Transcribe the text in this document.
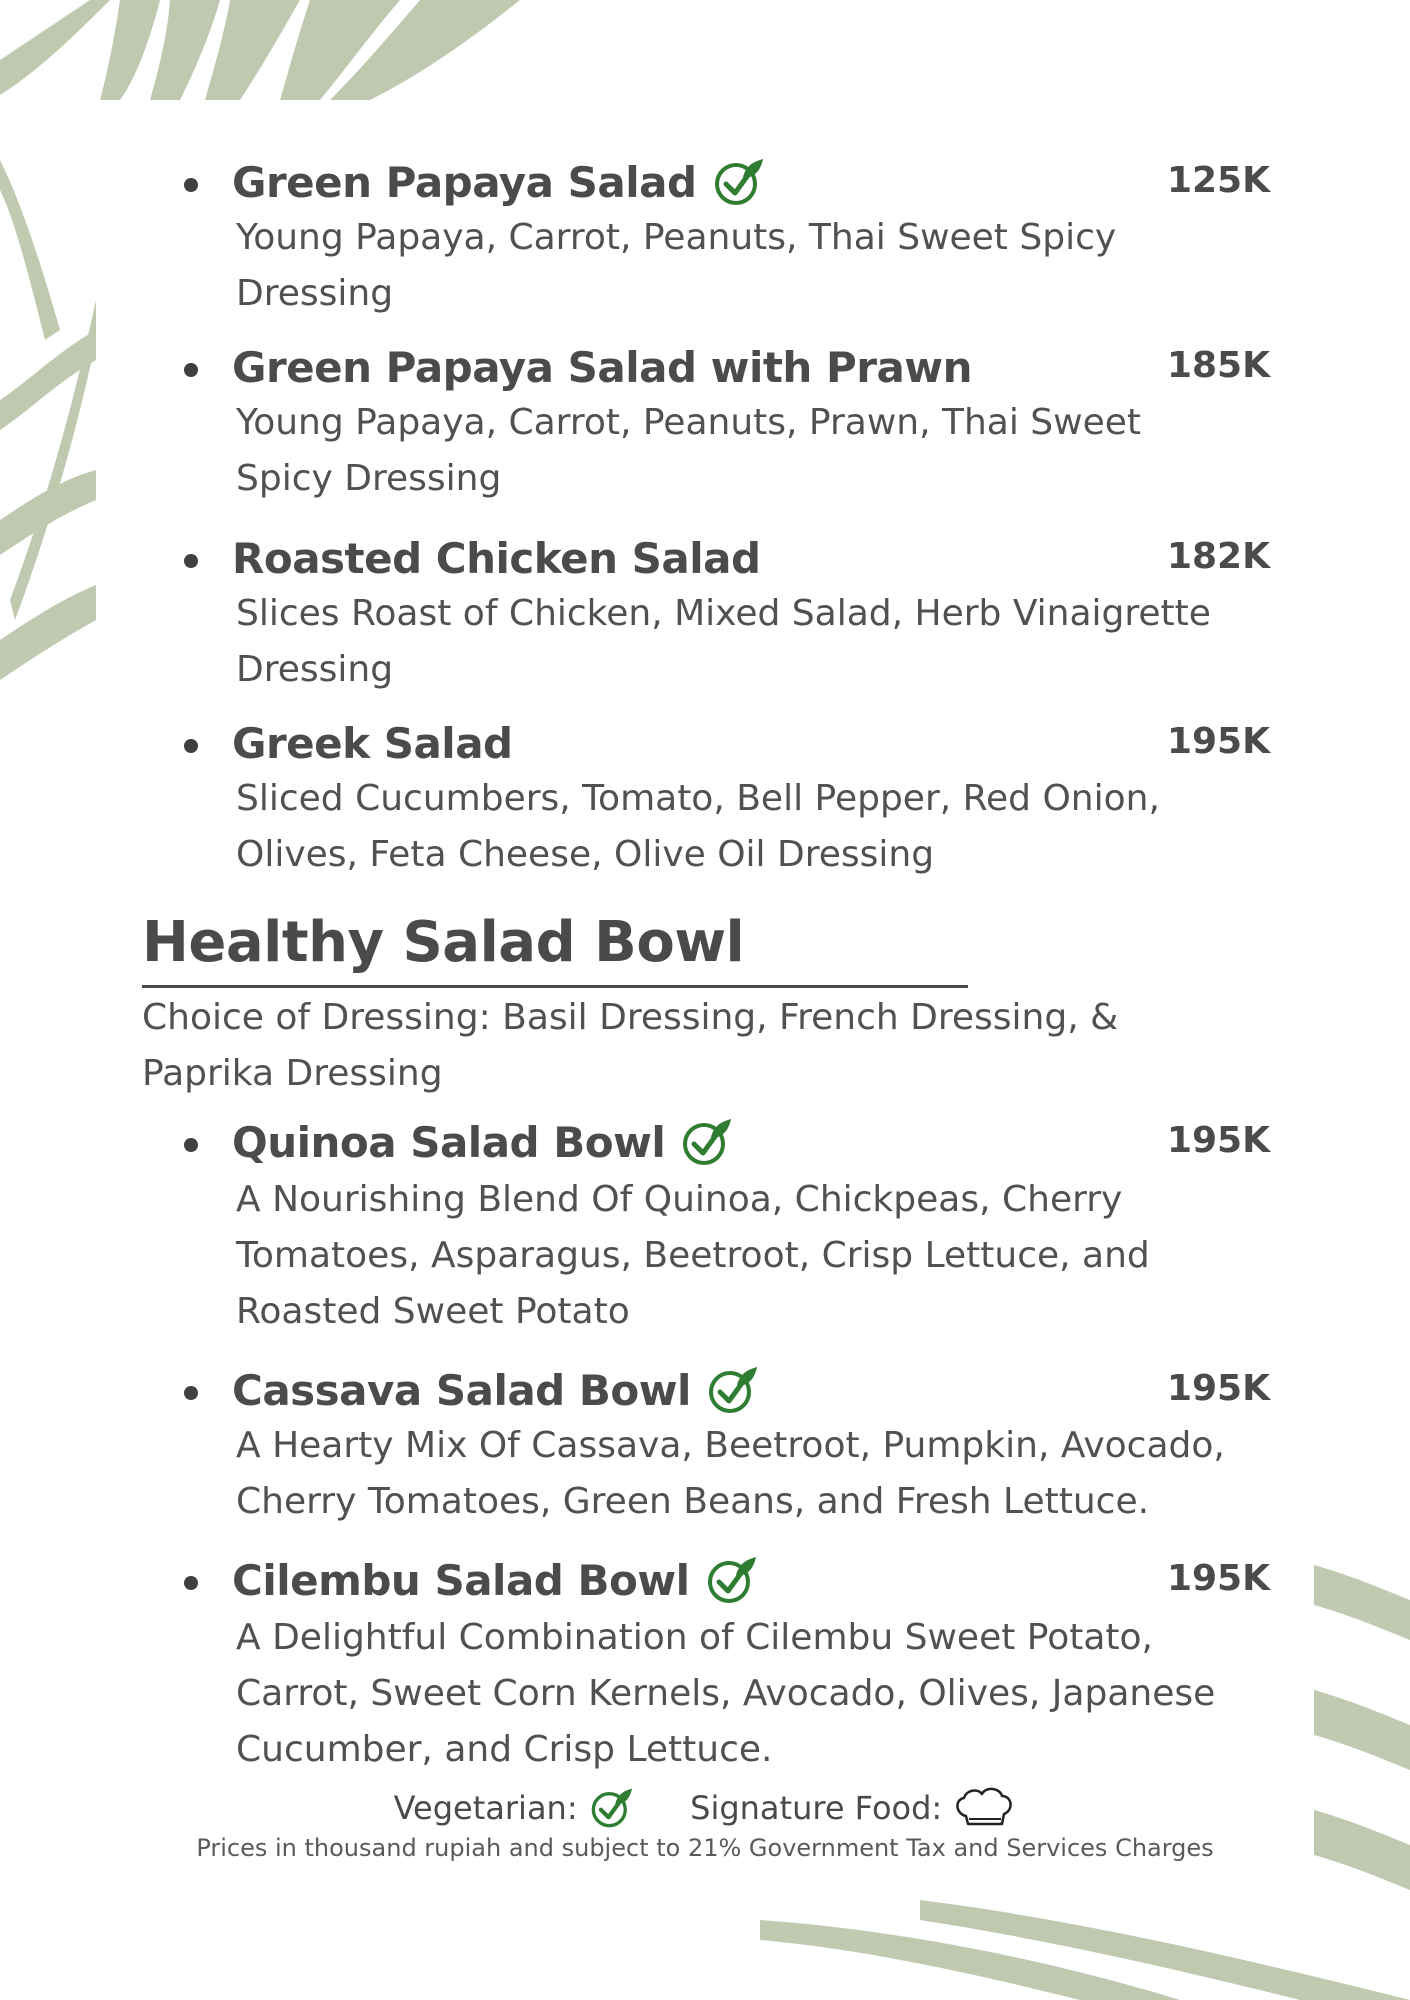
Green Papaya Salad	125K
Young Papaya, Carrot, Peanuts, Thai Sweet Spicy Dressing
Green Papaya Salad with Prawn	185K
Young Papaya, Carrot, Peanuts, Prawn, Thai Sweet Spicy Dressing
Roasted Chicken Salad	182K
Slices Roast of Chicken, Mixed Salad, Herb Vinaigrette Dressing
Greek Salad	195K
Sliced Cucumbers, Tomato, Bell Pepper, Red Onion, Olives, Feta Cheese, Olive Oil Dressing
Healthy Salad Bowl
Choice of Dressing: Basil Dressing, French Dressing, & Paprika Dressing
Quinoa Salad Bowl	195K
A Nourishing Blend Of Quinoa, Chickpeas, Cherry Tomatoes, Asparagus, Beetroot, Crisp Lettuce, and Roasted Sweet Potato
Cassava Salad Bowl	195K
A Hearty Mix Of Cassava, Beetroot, Pumpkin, Avocado, Cherry Tomatoes, Green Beans, and Fresh Lettuce.
Cilembu Salad Bowl	195K
A Delightful Combination of Cilembu Sweet Potato, Carrot, Sweet Corn Kernels, Avocado, Olives, Japanese Cucumber, and Crisp Lettuce.
Vegetarian:	Signature Food:
Prices in thousand rupiah and subject to 21% Government Tax and Services Charges
